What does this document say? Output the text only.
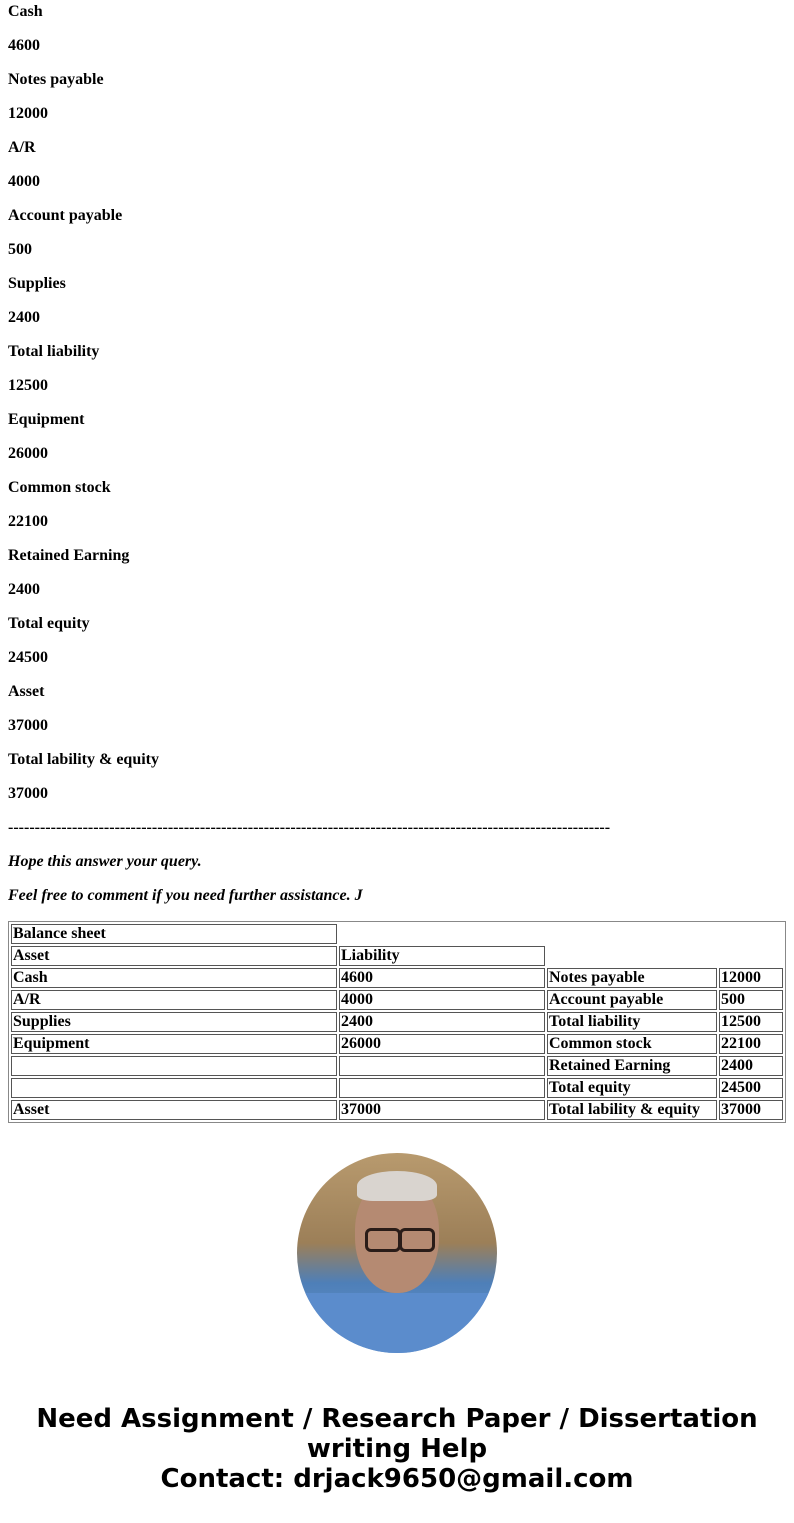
Cash

4600

Notes payable

12000

A/R

4000

Account payable

500

Supplies

2400

Total liability

12500

Equipment

26000

Common stock

22100

Retained Earning

2400

Total equity

24500

Asset

37000

Total lability & equity

37000

-----------------------------------------------------------------------------------------------------------------

Hope this answer your query.

Feel free to comment if you need further assistance. J

Balance sheet			
Asset	Liability		
Cash	4600	Notes payable	12000
A/R	4000	Account payable	500
Supplies	2400	Total liability	12500
Equipment	26000	Common stock	22100
		Retained Earning	2400
		Total equity	24500
Asset	37000	Total lability & equity	37000
Need Assignment / Research Paper / Dissertation writing Help
Contact: drjack9650@gmail.com
